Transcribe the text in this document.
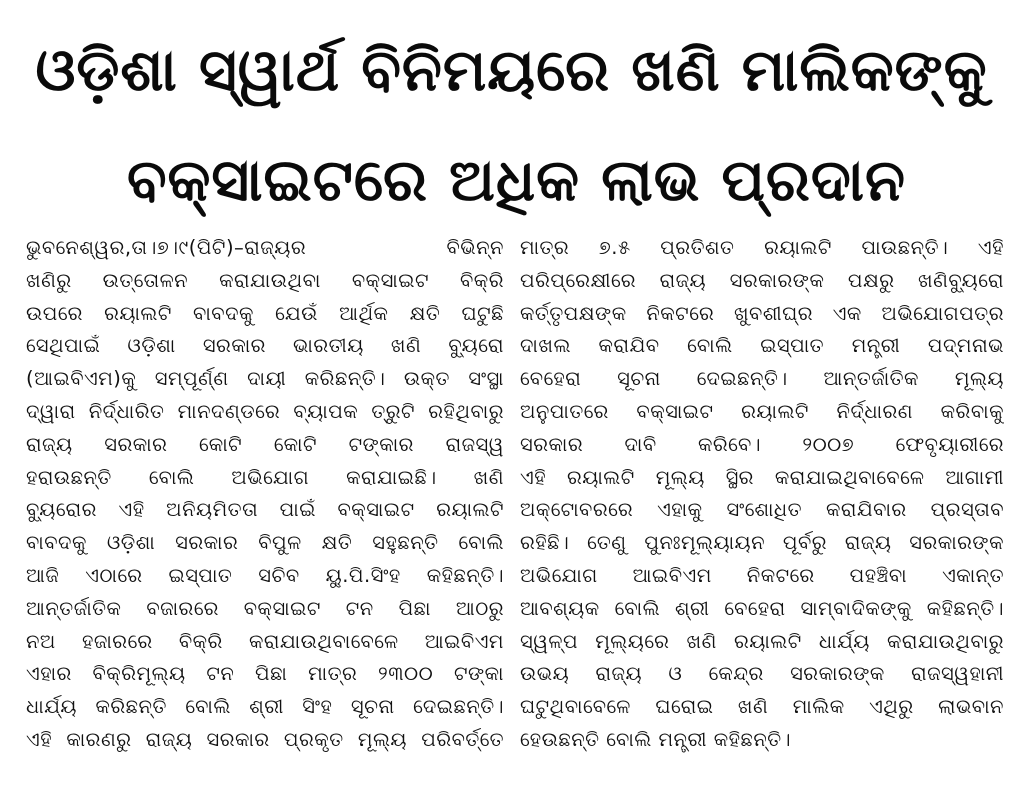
ଓଡ଼ିଶା ସ୍ୱାର୍ଥ ବିନିମୟରେ ଖଣି ମାଲିକଙ୍କୁ
ବକ୍ସାଇଟରେ ଅଧିକ ଲାଭ ପ୍ରଦାନ
ଭୁବନେଶ୍ୱର,ତା।୭।୯(ପିଟି)–ରାଜ୍ୟର ବିଭିନ୍ନ
ଖଣିରୁ ଉତ୍ତୋଳନ କରାଯାଉଥିବା ବକ୍ସାଇଟ ବିକ୍ରି
ଉପରେ ରୟାଲଟି ବାବଦକୁ ଯେଉଁ ଆର୍ଥିକ କ୍ଷତି ଘଟୁଛି
ସେଥିପାଇଁ ଓଡ଼ିଶା ସରକାର ଭାରତୀୟ ଖଣି ବ୍ୟୁରୋ
(ଆଇବିଏମ)କୁ ସମ୍ପୂର୍ଣ୍ଣ ଦାୟୀ କରିଛନ୍ତି। ଉକ୍ତ ସଂସ୍ଥା
ଦ୍ୱାରା ନିର୍ଦ୍ଧାରିତ ମାନଦଣ୍ଡରେ ବ୍ୟାପକ ତ୍ରୁଟି ରହିଥିବାରୁ
ରାଜ୍ୟ ସରକାର କୋଟି କୋଟି ଟଙ୍କାର ରାଜସ୍ୱ
ହରାଉଛନ୍ତି ବୋଲି ଅଭିଯୋଗ କରାଯାଇଛି। ଖଣି
ବ୍ୟୁରୋର ଏହି ଅନିୟମିତତା ପାଇଁ ବକ୍ସାଇଟ ରୟାଲଟି
ବାବଦକୁ ଓଡ଼ିଶା ସରକାର ବିପୁଳ କ୍ଷତି ସହୁଛନ୍ତି ବୋଲି
ଆଜି ଏଠାରେ ଇସ୍ପାତ ସଚିବ ୟୁ.ପି.ସିଂହ କହିଛନ୍ତି।
ଆନ୍ତର୍ଜାତିକ ବଜାରରେ ବକ୍ସାଇଟ ଟନ ପିଛା ଆଠରୁ
ନଅ ହଜାରରେ ବିକ୍ରି କରାଯାଉଥିବାବେଳେ ଆଇବିଏମ
ଏହାର ବିକ୍ରିମୂଲ୍ୟ ଟନ ପିଛା ମାତ୍ର ୨୩୦୦ ଟଙ୍କା
ଧାର୍ଯ୍ୟ କରିଛନ୍ତି ବୋଲି ଶ୍ରୀ ସିଂହ ସୂଚନା ଦେଇଛନ୍ତି।
ଏହି କାରଣରୁ ରାଜ୍ୟ ସରକାର ପ୍ରକୃତ ମୂଲ୍ୟ ପରିବର୍ତ୍ତେ
ମାତ୍ର ୭.୫ ପ୍ରତିଶତ ରୟାଲଟି ପାଉଛନ୍ତି। ଏହି
ପରିପ୍ରେକ୍ଷୀରେ ରାଜ୍ୟ ସରକାରଙ୍କ ପକ୍ଷରୁ ଖଣିବ୍ୟୁରୋ
କର୍ତ୍ତୃପକ୍ଷଙ୍କ ନିକଟରେ ଖୁବଶୀଘ୍ର ଏକ ଅଭିଯୋଗପତ୍ର
ଦାଖଲ କରାଯିବ ବୋଲି ଇସ୍ପାତ ମନ୍ତ୍ରୀ ପଦ୍ମନାଭ
ବେହେରା ସୂଚନା ଦେଇଛନ୍ତି। ଆନ୍ତର୍ଜାତିକ ମୂଲ୍ୟ
ଅନୁପାତରେ ବକ୍ସାଇଟ ରୟାଲଟି ନିର୍ଦ୍ଧାରଣ କରିବାକୁ
ସରକାର ଦାବି କରିବେ। ୨୦୦୭ ଫେବୃୟାରୀରେ
ଏହି ରୟାଲଟି ମୂଲ୍ୟ ସ୍ଥିର କରାଯାଇଥିବାବେଳେ ଆଗାମୀ
ଅକ୍ଟୋବରରେ ଏହାକୁ ସଂଶୋଧିତ କରାଯିବାର ପ୍ରସ୍ତାବ
ରହିଛି। ତେଣୁ ପୁନଃମୂଲ୍ୟାୟନ ପୂର୍ବରୁ ରାଜ୍ୟ ସରକାରଙ୍କ
ଅଭିଯୋଗ ଆଇବିଏମ ନିକଟରେ ପହଞ୍ଚିବା ଏକାନ୍ତ
ଆବଶ୍ୟକ ବୋଲି ଶ୍ରୀ ବେହେରା ସାମ୍ବାଦିକଙ୍କୁ କହିଛନ୍ତି।
ସ୍ୱଳ୍ପ ମୂଲ୍ୟରେ ଖଣି ରୟାଲଟି ଧାର୍ଯ୍ୟ କରାଯାଉଥିବାରୁ
ଉଭୟ ରାଜ୍ୟ ଓ କେନ୍ଦ୍ର ସରକାରଙ୍କ ରାଜସ୍ୱହାନୀ
ଘଟୁଥିବାବେଳେ ଘରୋଇ ଖଣି ମାଲିକ ଏଥିରୁ ଲାଭବାନ
ହେଉଛନ୍ତି ବୋଲି ମନ୍ତ୍ରୀ କହିଛନ୍ତି।
